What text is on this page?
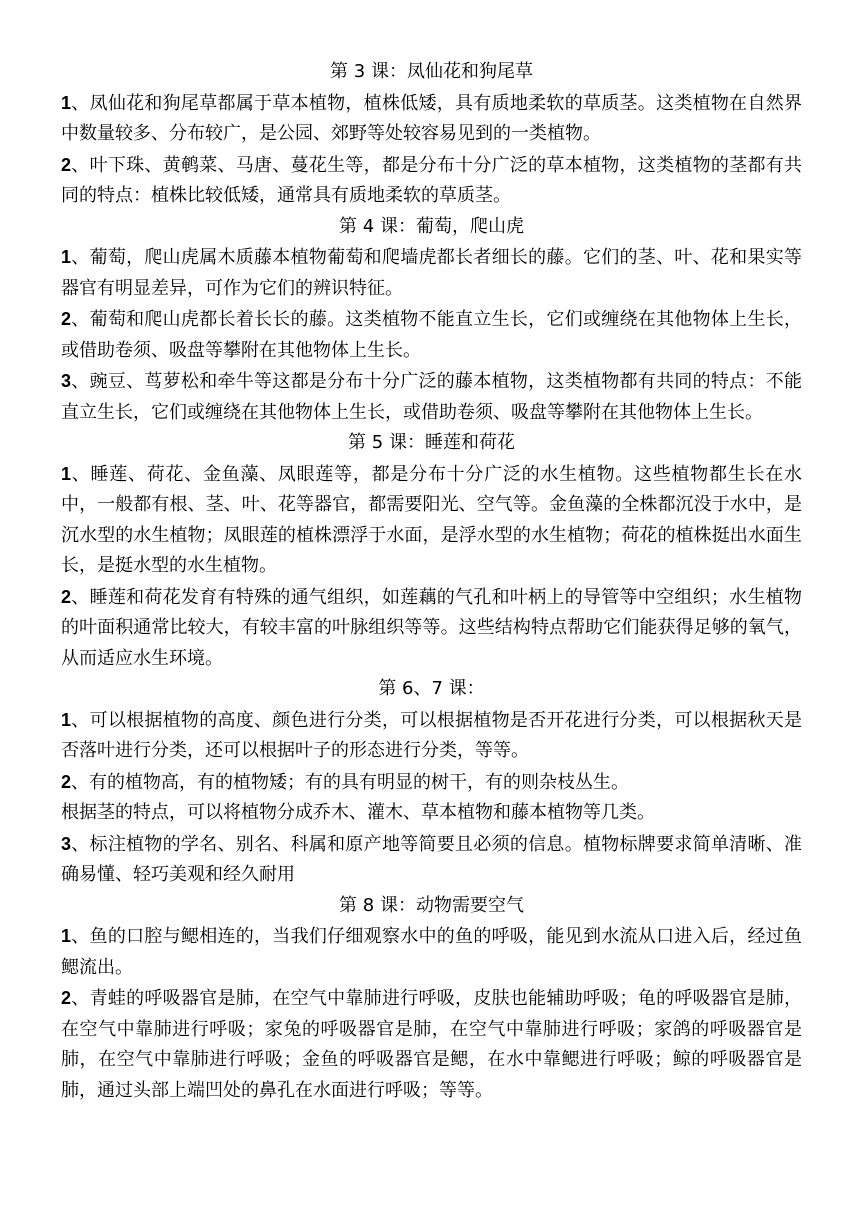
第 3 课：凤仙花和狗尾草

1、凤仙花和狗尾草都属于草本植物，植株低矮，具有质地柔软的草质茎。这类植物在自然界中数量较多、分布较广，是公园、郊野等处较容易见到的一类植物。

2、叶下珠、黄鹌菜、马唐、蔓花生等，都是分布十分广泛的草本植物，这类植物的茎都有共同的特点：植株比较低矮，通常具有质地柔软的草质茎。

第 4 课：葡萄，爬山虎

1、葡萄，爬山虎属木质藤本植物葡萄和爬墙虎都长者细长的藤。它们的茎、叶、花和果实等器官有明显差异，可作为它们的辨识特征。

2、葡萄和爬山虎都长着长长的藤。这类植物不能直立生长，它们或缠绕在其他物体上生长，或借助卷须、吸盘等攀附在其他物体上生长。

3、豌豆、茑萝松和牵牛等这都是分布十分广泛的藤本植物，这类植物都有共同的特点：不能直立生长，它们或缠绕在其他物体上生长，或借助卷须、吸盘等攀附在其他物体上生长。

第 5 课：睡莲和荷花

1、睡莲、荷花、金鱼藻、凤眼莲等，都是分布十分广泛的水生植物。这些植物都生长在水中，一般都有根、茎、叶、花等器官，都需要阳光、空气等。金鱼藻的全株都沉没于水中，是沉水型的水生植物；凤眼莲的植株漂浮于水面，是浮水型的水生植物；荷花的植株挺出水面生长，是挺水型的水生植物。

2、睡莲和荷花发育有特殊的通气组织，如莲藕的气孔和叶柄上的导管等中空组织；水生植物的叶面积通常比较大，有较丰富的叶脉组织等等。这些结构特点帮助它们能获得足够的氧气，从而适应水生环境。

第 6、7 课：

1、可以根据植物的高度、颜色进行分类，可以根据植物是否开花进行分类，可以根据秋天是否落叶进行分类，还可以根据叶子的形态进行分类，等等。

2、有的植物高，有的植物矮；有的具有明显的树干，有的则杂枝丛生。

根据茎的特点，可以将植物分成乔木、灌木、草本植物和藤本植物等几类。

3、标注植物的学名、别名、科属和原产地等简要且必须的信息。植物标牌要求简单清晰、准确易懂、轻巧美观和经久耐用

第 8 课：动物需要空气

1、鱼的口腔与鳃相连的，当我们仔细观察水中的鱼的呼吸，能见到水流从口进入后，经过鱼鳃流出。

2、青蛙的呼吸器官是肺，在空气中靠肺进行呼吸，皮肤也能辅助呼吸；龟的呼吸器官是肺，在空气中靠肺进行呼吸；家兔的呼吸器官是肺，在空气中靠肺进行呼吸；家鸽的呼吸器官是肺，在空气中靠肺进行呼吸；金鱼的呼吸器官是鳃，在水中靠鳃进行呼吸；鲸的呼吸器官是肺，通过头部上端凹处的鼻孔在水面进行呼吸；等等。
